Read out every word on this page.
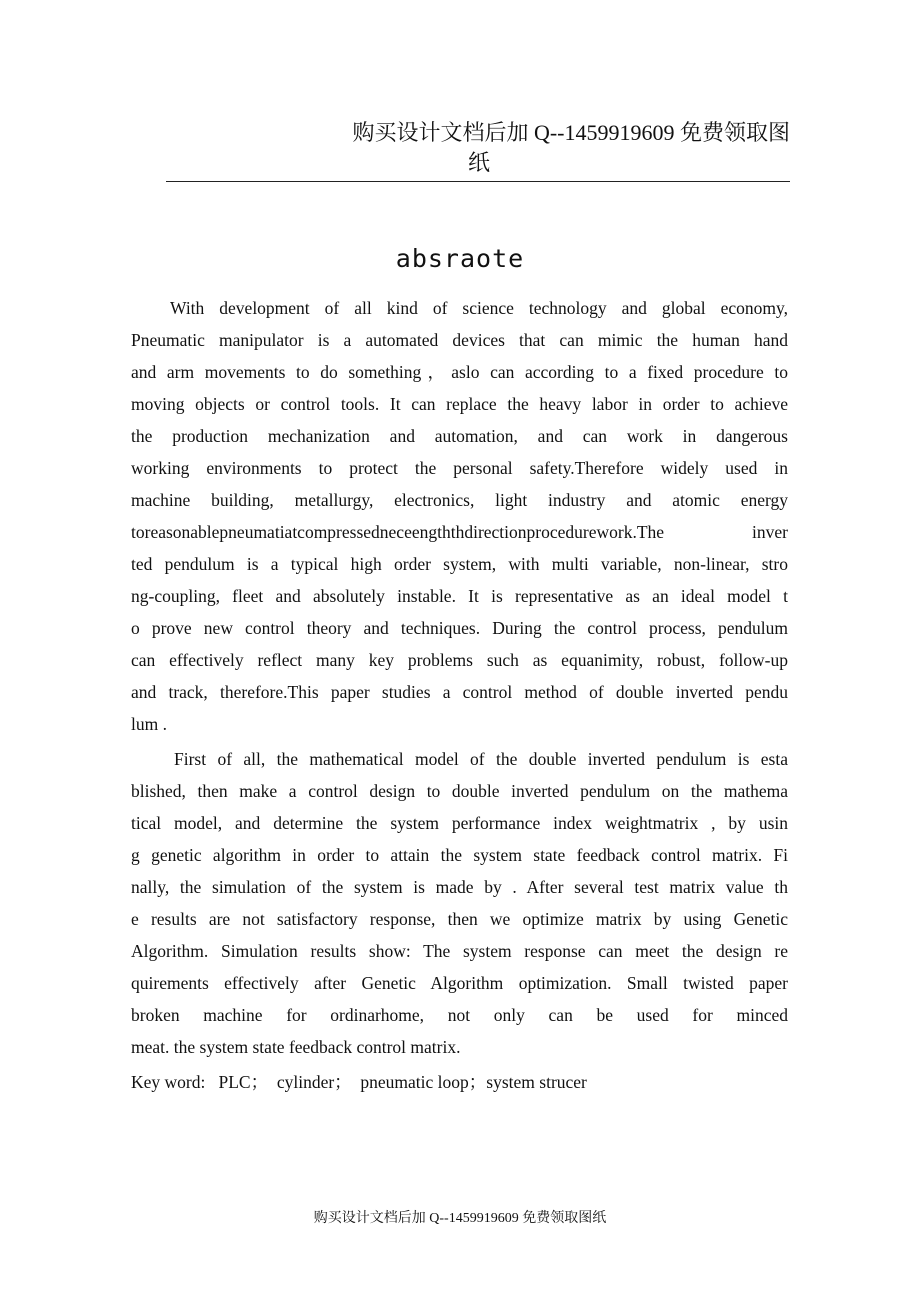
购买设计文档后加 Q--1459919609 免费领取图
纸
absraote
With development of all kind of science technology and global economy,
Pneumatic manipulator is a automated devices that can mimic the human hand
and arm movements to do something，aslo can according to a fixed procedure to
moving objects or control tools. It can replace the heavy labor in order to achieve
the production mechanization and automation, and can work in dangerous
working environments to protect the personal safety.Therefore widely used in
machine building, metallurgy, electronics, light industry and atomic energy
toreasonablepneumatiatcompressedneceengththdirectionprocedurework.The inver
ted pendulum is a typical high order system, with multi variable, non-linear, stro
ng-coupling, fleet and absolutely instable. It is representative as an ideal model t
o prove new control theory and techniques. During the control process, pendulum
can effectively reflect many key problems such as equanimity, robust, follow-up
and track, therefore.This paper studies a control method of double inverted pendu
lum .
First of all, the mathematical model of the double inverted pendulum is esta
blished, then make a control design to double inverted pendulum on the mathema
tical model, and determine the system performance index weightmatrix , by usin
g genetic algorithm in order to attain the system state feedback control matrix. Fi
nally, the simulation of the system is made by . After several test matrix value th
e results are not satisfactory response, then we optimize matrix by using Genetic
Algorithm. Simulation results show: The system response can meet the design re
quirements effectively after Genetic Algorithm optimization. Small twisted paper
broken machine for ordinarhome, not only can be used for minced
meat. the system state feedback control matrix.
Key word:   PLC；  cylinder；  pneumatic loop；system strucer
购买设计文档后加 Q--1459919609 免费领取图纸
